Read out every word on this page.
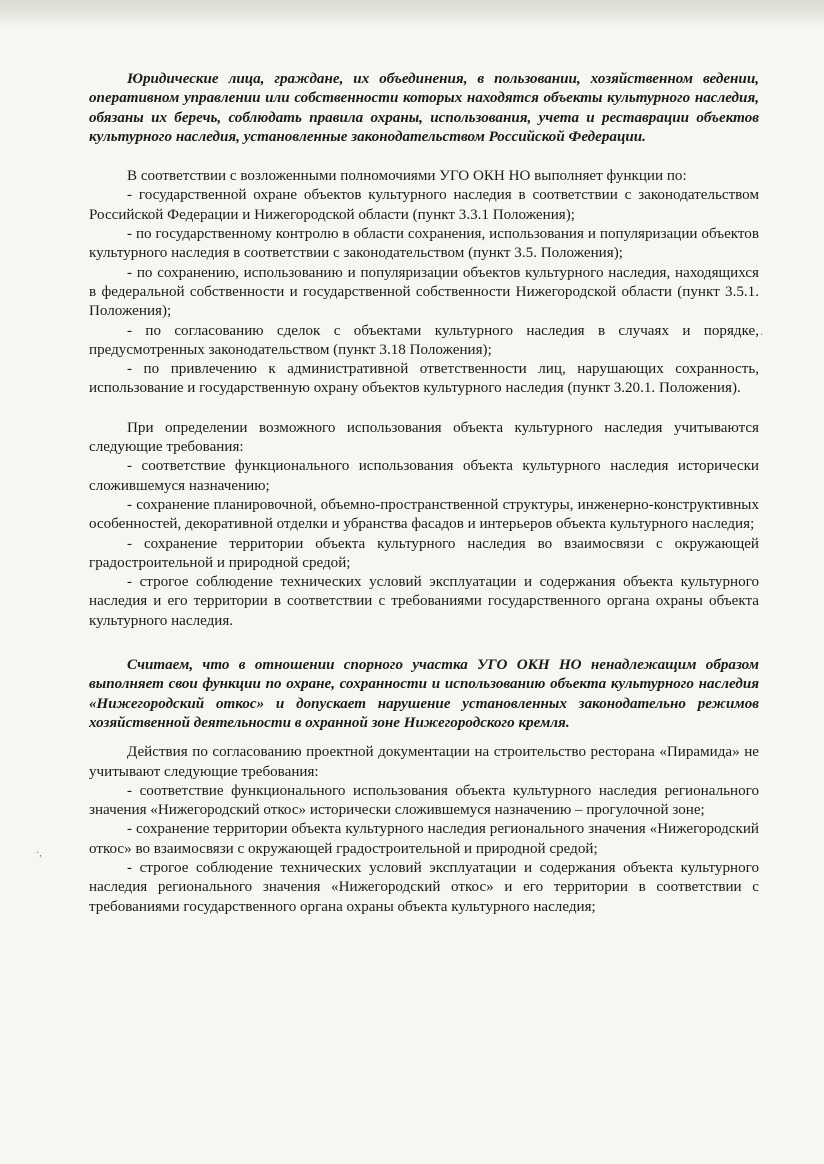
·,
·

Юридические лица, граждане, их объединения, в пользовании, хозяйственном ведении, оперативном управлении или собственности которых находятся объекты культурного наследия, обязаны их беречь, соблюдать правила охраны, использования, учета и реставрации объектов культурного наследия, установленные законодательством Российской Федерации.

В соответствии с возложенными полномочиями УГО ОКН НО выполняет функции по:

- государственной охране объектов культурного наследия в соответствии с законодательством Российской Федерации и Нижегородской области (пункт 3.3.1 Положения);

- по государственному контролю в области сохранения, использования и популяризации объектов культурного наследия в соответствии с законодательством (пункт 3.5. Положения);

- по сохранению, использованию и популяризации объектов культурного наследия, находящихся в федеральной собственности и государственной собственности Нижегородской области (пункт 3.5.1. Положения);

- по согласованию сделок с объектами культурного наследия в случаях и порядке, предусмотренных законодательством (пункт 3.18 Положения);

- по привлечению к административной ответственности лиц, нарушающих сохранность, использование и государственную охрану объектов культурного наследия (пункт 3.20.1. Положения).

При определении возможного использования объекта культурного наследия учитываются следующие требования:

- соответствие функционального использования объекта культурного наследия исторически сложившемуся назначению;

- сохранение планировочной, объемно-пространственной структуры, инженерно-конструктивных особенностей, декоративной отделки и убранства фасадов и интерьеров объекта культурного наследия;

- сохранение территории объекта культурного наследия во взаимосвязи с окружающей градостроительной и природной средой;

- строгое соблюдение технических условий эксплуатации и содержания объекта культурного наследия и его территории в соответствии с требованиями государственного органа охраны объекта культурного наследия.

Считаем, что в отношении спорного участка УГО ОКН НО ненадлежащим образом выполняет свои функции по охране, сохранности и использованию объекта культурного наследия «Нижегородский откос» и допускает нарушение установленных законодательно режимов хозяйственной деятельности в охранной зоне Нижегородского кремля.

Действия по согласованию проектной документации на строительство ресторана «Пирамида» не учитывают следующие требования:

- соответствие функционального использования объекта культурного наследия регионального значения «Нижегородский откос» исторически сложившемуся назначению – прогулочной зоне;

- сохранение территории объекта культурного наследия регионального значения «Нижегородский откос» во взаимосвязи с окружающей градостроительной и природной средой;

- строгое соблюдение технических условий эксплуатации и содержания объекта культурного наследия регионального значения «Нижегородский откос» и его территории в соответствии с требованиями государственного органа охраны объекта культурного наследия;
